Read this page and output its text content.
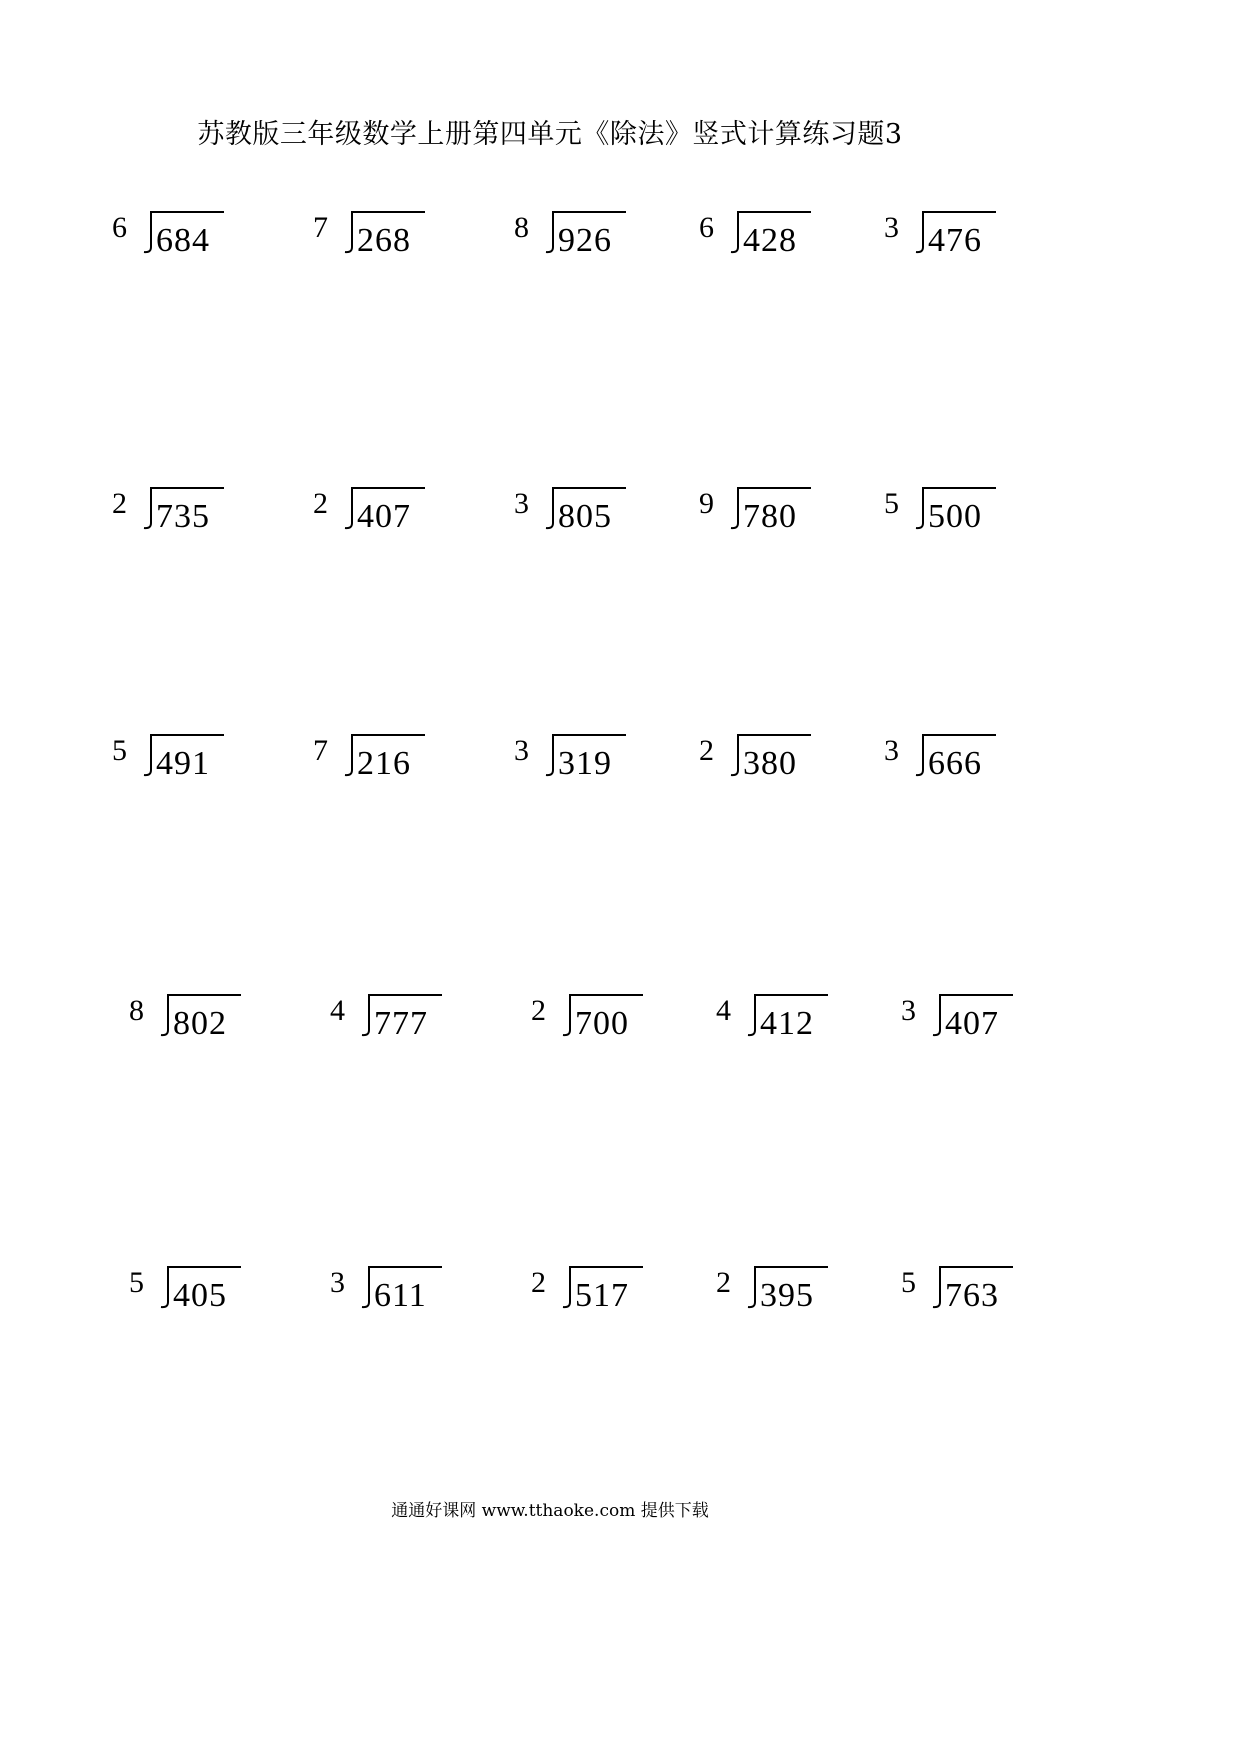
苏教版三年级数学上册第四单元《除法》竖式计算练习题3
6 684	7 268	8 926	6 428	3 476
2 735	2 407	3 805	9 780	5 500
5 491	7 216	3 319	2 380	3 666
8 802	4 777	2 700	4 412	3 407
5 405	3 611	2 517	2 395	5 763
通通好课网 www.tthaoke.com 提供下载
